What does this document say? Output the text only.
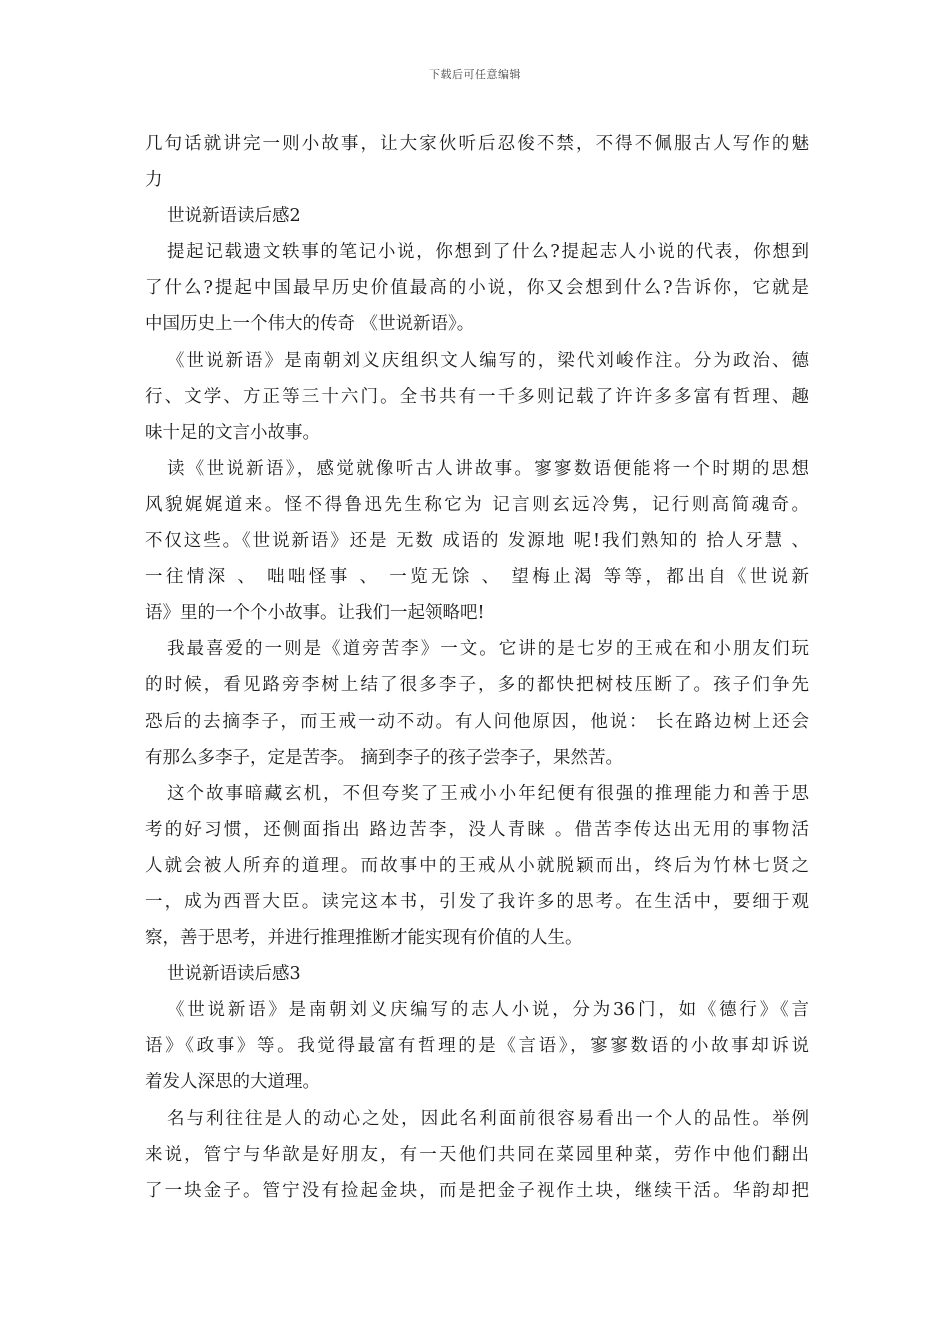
下载后可任意编辑
几句话就讲完一则小故事，让大家伙听后忍俊不禁，不得不佩服古人写作的魅
力
世说新语读后感2
提起记载遗文轶事的笔记小说，你想到了什么?提起志人小说的代表，你想到
了什么?提起中国最早历史价值最高的小说，你又会想到什么?告诉你，它就是
中国历史上一个伟大的传奇 《世说新语》。
《世说新语》是南朝刘义庆组织文人编写的，梁代刘峻作注。分为政治、德
行、文学、方正等三十六门。全书共有一千多则记载了许许多多富有哲理、趣
味十足的文言小故事。
读《世说新语》，感觉就像听古人讲故事。寥寥数语便能将一个时期的思想
风貌娓娓道来。怪不得鲁迅先生称它为 记言则玄远冷隽，记行则高简魂奇。
不仅这些。《世说新语》还是 无数 成语的 发源地 呢!我们熟知的 拾人牙慧 、
一往情深 、 咄咄怪事 、 一览无馀 、 望梅止渴 等等，都出自《世说新
语》里的一个个小故事。让我们一起领略吧!
我最喜爱的一则是《道旁苦李》一文。它讲的是七岁的王戒在和小朋友们玩
的时候，看见路旁李树上结了很多李子，多的都快把树枝压断了。孩子们争先
恐后的去摘李子，而王戒一动不动。有人问他原因，他说： 长在路边树上还会
有那么多李子，定是苦李。 摘到李子的孩子尝李子，果然苦。
这个故事暗藏玄机，不但夸奖了王戒小小年纪便有很强的推理能力和善于思
考的好习惯，还侧面指出 路边苦李，没人青睐 。借苦李传达出无用的事物活
人就会被人所弃的道理。而故事中的王戒从小就脱颖而出，终后为竹林七贤之
一，成为西晋大臣。读完这本书，引发了我许多的思考。在生活中，要细于观
察，善于思考，并进行推理推断才能实现有价值的人生。
世说新语读后感3
《世说新语》是南朝刘义庆编写的志人小说，分为36门，如《德行》《言
语》《政事》等。我觉得最富有哲理的是《言语》，寥寥数语的小故事却诉说
着发人深思的大道理。
名与利往往是人的动心之处，因此名利面前很容易看出一个人的品性。举例
来说，管宁与华歆是好朋友，有一天他们共同在菜园里种菜，劳作中他们翻出
了一块金子。管宁没有捡起金块，而是把金子视作土块，继续干活。华韵却把
